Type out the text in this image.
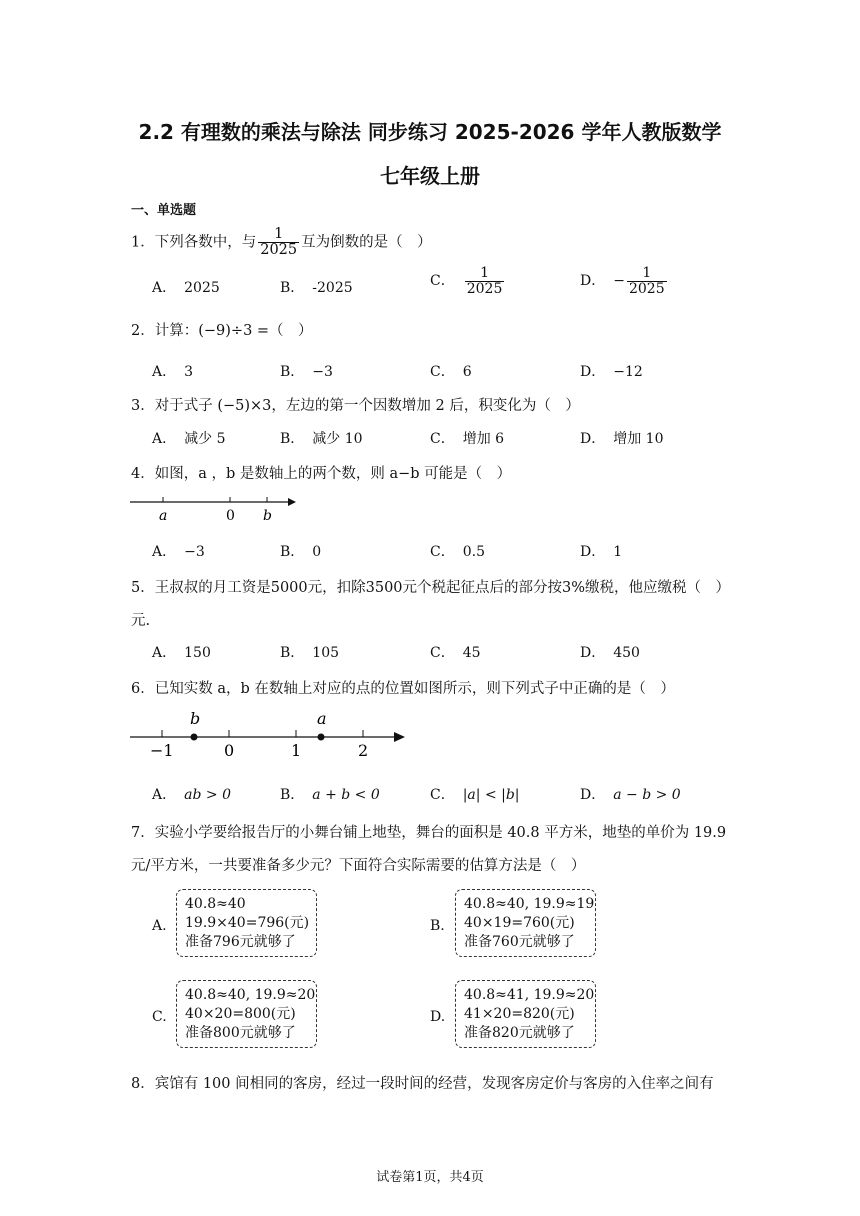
2.2 有理数的乘法与除法 同步练习 2025-2026 学年人教版数学
七年级上册
一、单选题
1．下列各数中，与 $\frac{1}{2025}$ 互为倒数的是（　）
A． 2025	B． -2025	C． $\frac{1}{2025}$	D． − $\frac{1}{2025}$
2．计算：(−9)÷3 =（　）
A． 3	B． −3	C． 6	D． −12
3．对于式子 (−5)×3，左边的第一个因数增加 2 后，积变化为（　）
A． 减少 5	B． 减少 10	C． 增加 6	D． 增加 10
4．如图，a ，b 是数轴上的两个数，则 a−b 可能是（　）
a	0 b
A． −3	B． 0	C． 0.5	D． 1
5．王叔叔的月工资是5000元，扣除3500元个税起征点后的部分按3%缴税，他应缴税（　）
元.
A． 150	B． 105	C． 45	D． 450
6．已知实数 a，b 在数轴上对应的点的位置如图所示，则下列式子中正确的是（　）
b	a
−1	0	1	2
A． ab > 0	B． a + b < 0	C． |a| < |b|	D． a − b > 0
7．实验小学要给报告厅的小舞台铺上地垫，舞台的面积是 40.8 平方米，地垫的单价为 19.9
元/平方米，一共要准备多少元？下面符合实际需要的估算方法是（　）
A.
40.8≈40
19.9×40=796(元)
准备796元就够了
B.
40.8≈40, 19.9≈19
40×19=760(元)
准备760元就够了
C.
40.8≈40, 19.9≈20
40×20=800(元)
准备800元就够了
D.
40.8≈41, 19.9≈20
41×20=820(元)
准备820元就够了
8．宾馆有 100 间相同的客房，经过一段时间的经营，发现客房定价与客房的入住率之间有
试卷第1页，共4页
